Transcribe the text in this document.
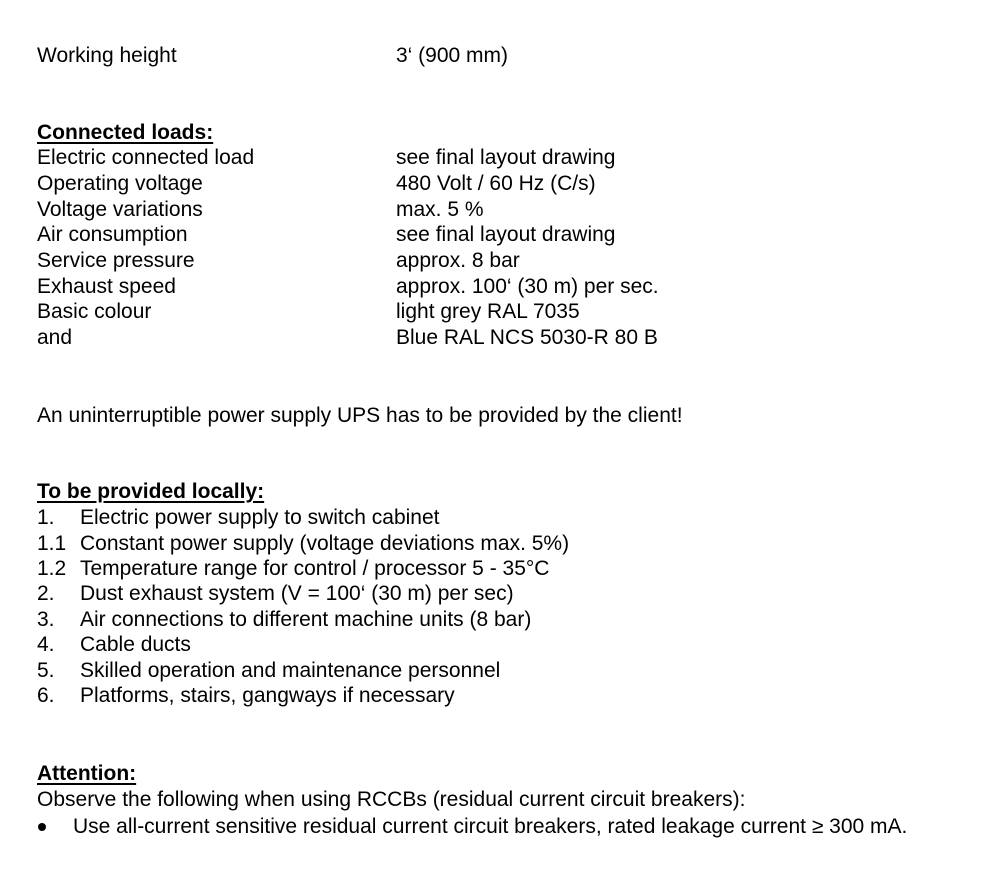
Working height	3‘ (900 mm)
Connected loads:
Electric connected load	see final layout drawing
Operating voltage	480 Volt / 60 Hz (C/s)
Voltage variations	max. 5 %
Air consumption	see final layout drawing
Service pressure	approx. 8 bar
Exhaust speed	approx. 100‘ (30 m) per sec.
Basic colour	light grey RAL 7035
and	Blue RAL NCS 5030-R 80 B
An uninterruptible power supply UPS has to be provided by the client!
To be provided locally:
1. Electric power supply to switch cabinet
1.1 Constant power supply (voltage deviations max. 5%)
1.2 Temperature range for control / processor 5 - 35°C
2. Dust exhaust system (V = 100‘ (30 m) per sec)
3. Air connections to different machine units (8 bar)
4. Cable ducts
5. Skilled operation and maintenance personnel
6. Platforms, stairs, gangways if necessary
Attention:
Observe the following when using RCCBs (residual current circuit breakers):
Use all-current sensitive residual current circuit breakers, rated leakage current ≥ 300 mA.
